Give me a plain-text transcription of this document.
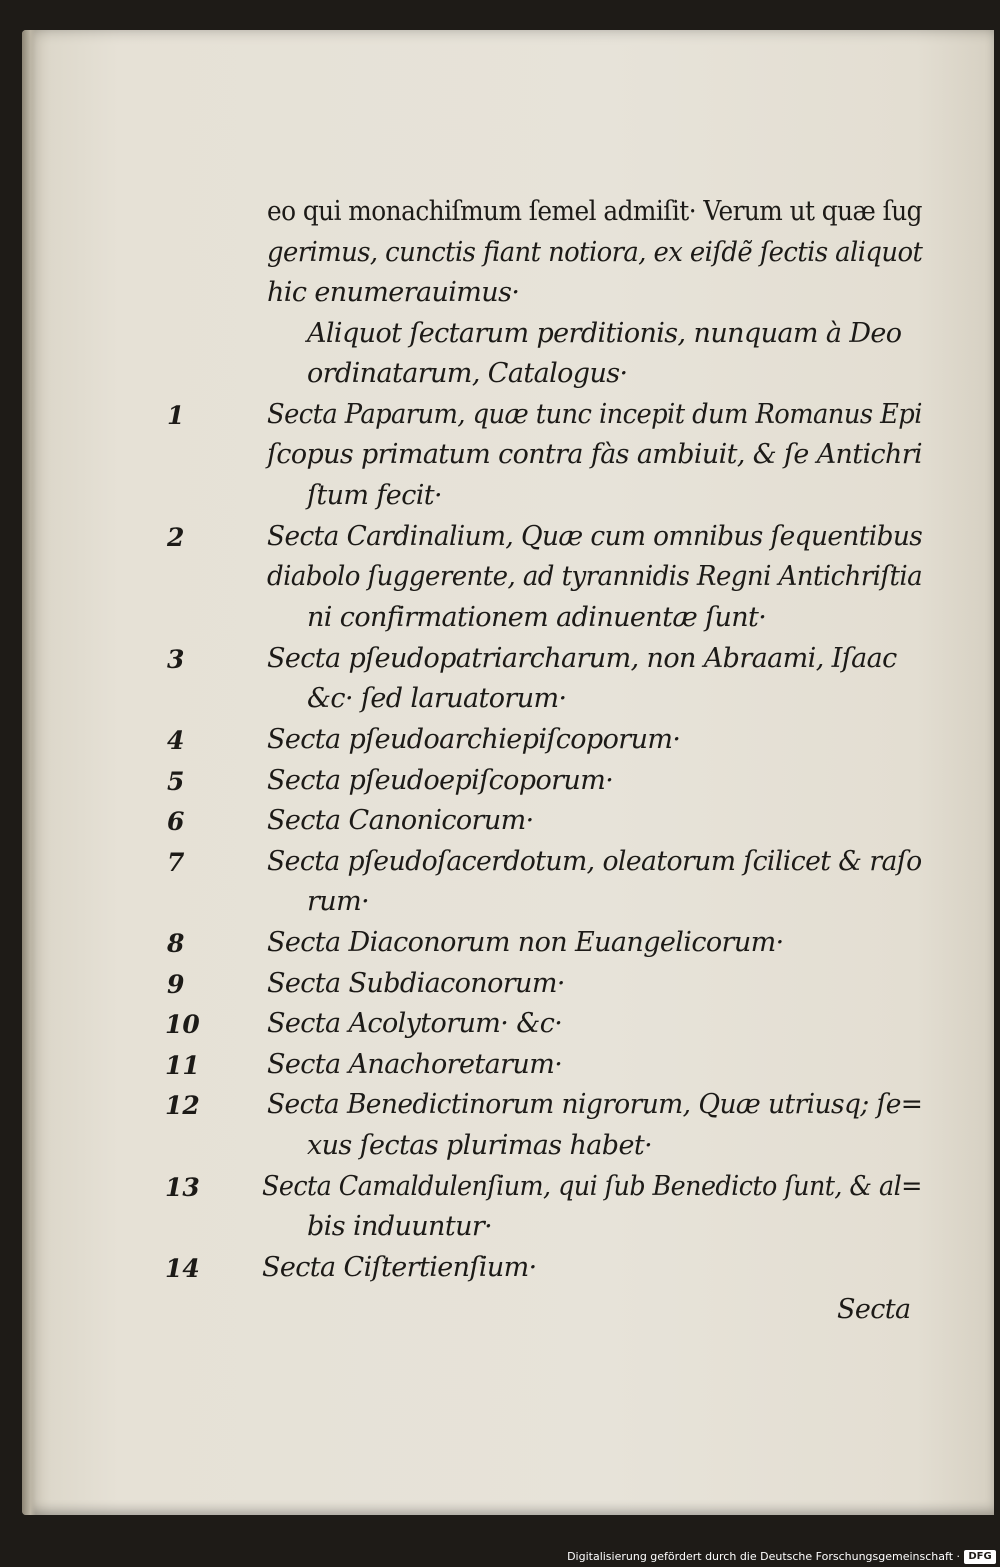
eo qui monachiſmum ſemel admiſit· Verum ut quæ ſug
gerimus, cunctis fiant notiora, ex eiſdẽ ſectis aliquot
hic enumerauimus·
Aliquot ſectarum perditionis, nunquam à Deo
ordinatarum, Catalogus·
Secta Paparum, quæ tunc incepit dum Romanus Epi
ſcopus primatum contra fàs ambiuit, & ſe Antichri
ſtum fecit·
Secta Cardinalium, Quæ cum omnibus ſequentibus
diabolo ſuggerente, ad tyrannidis Regni Antichriſtia
ni confirmationem adinuentæ ſunt·
Secta pſeudopatriarcharum, non Abraami, Iſaac
&c· ſed laruatorum·
Secta pſeudoarchiepiſcoporum·
Secta pſeudoepiſcoporum·
Secta Canonicorum·
Secta pſeudoſacerdotum, oleatorum ſcilicet & raſo
rum·
Secta Diaconorum non Euangelicorum·
Secta Subdiaconorum·
Secta Acolytorum· &c·
Secta Anachoretarum·
Secta Benedictinorum nigrorum, Quæ utriusq; ſe=
xus ſectas plurimas habet·
Secta Camaldulenſium, qui ſub Benedicto ſunt, & al=
bis induuntur·
Secta Ciſtertienſium·
1
2
3
4
5
6
7
8
9
10
11
12
13
14
Secta
Digitalisierung gefördert durch die Deutsche Forschungsgemeinschaft · DFG
